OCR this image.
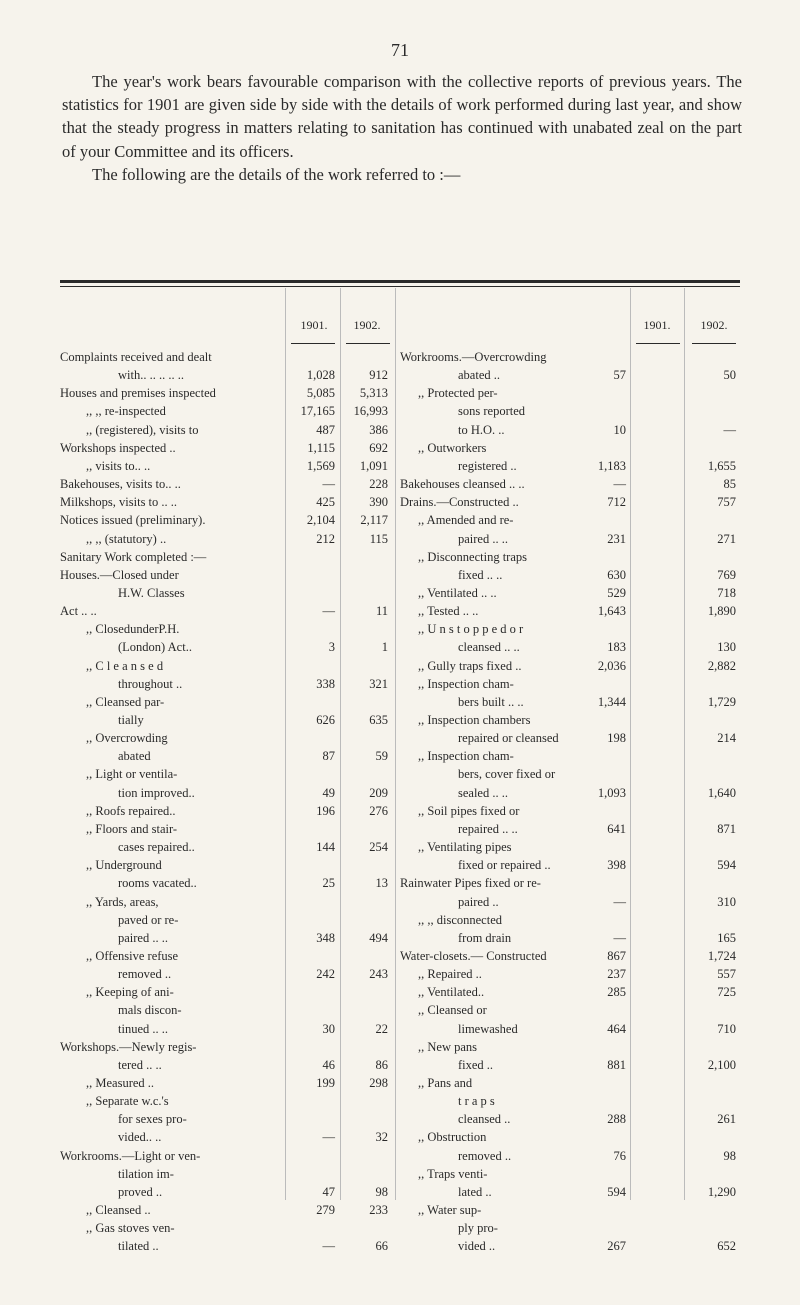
71

The year's work bears favourable comparison with the collective reports of previous years. The statistics for 1901 are given side by side with the details of work performed during last year, and show that the steady progress in matters relating to sanitation has continued with unabated zeal on the part of your Committee and its officers.

The following are the details of the work referred to :—

1901.	1902.	1901.	1902.
Complaints received and dealt
with.. .. .. .. ..	1,028	912
Houses and premises inspected	5,085	5,313
,, ,, re-inspected	17,165	16,993
,, (registered), visits to	487	386
Workshops inspected ..	1,115	692
,, visits to.. ..	1,569	1,091
Bakehouses, visits to.. ..	—	228
Milkshops, visits to .. ..	425	390
Notices issued (preliminary).	2,104	2,117
,, ,, (statutory) ..	212	115
Sanitary Work completed :—
Houses.—Closed under
H.W. Classes
Act .. ..	—	11
,, ClosedunderP.H.
(London) Act..	3	1
,, C l e a n s e d
throughout ..	338	321
,, Cleansed par-
tially	626	635
,, Overcrowding
abated	87	59
,, Light or ventila-
tion improved..	49	209
,, Roofs repaired..	196	276
,, Floors and stair-
cases repaired..	144	254
,, Underground
rooms vacated..	25	13
,, Yards, areas,
paved or re-
paired .. ..	348	494
,, Offensive refuse
removed ..	242	243
,, Keeping of ani-
mals discon-
tinued .. ..	30	22
Workshops.—Newly regis-
tered .. ..	46	86
,, Measured ..	199	298
,, Separate w.c.'s
for sexes pro-
vided.. ..	—	32
Workrooms.—Light or ven-
tilation im-
proved ..	47	98
,, Cleansed ..	279	233
,, Gas stoves ven-
tilated ..	—	66
Workrooms.—Overcrowding
abated ..	57	50
,, Protected per-
sons reported
to H.O. ..	10	—
,, Outworkers
registered ..	1,183	1,655
Bakehouses cleansed .. ..	—	85
Drains.—Constructed ..	712	757
,, Amended and re-
paired .. ..	231	271
,, Disconnecting traps
fixed .. ..	630	769
,, Ventilated .. ..	529	718
,, Tested .. ..	1,643	1,890
,, U n s t o p p e d o r
cleansed .. ..	183	130
,, Gully traps fixed ..	2,036	2,882
,, Inspection cham-
bers built .. ..	1,344	1,729
,, Inspection chambers
repaired or cleansed	198	214
,, Inspection cham-
bers, cover fixed or
sealed .. ..	1,093	1,640
,, Soil pipes fixed or
repaired .. ..	641	871
,, Ventilating pipes
fixed or repaired ..	398	594
Rainwater Pipes fixed or re-
paired ..	—	310
,, ,, disconnected
from drain	—	165
Water-closets.— Constructed	867	1,724
,, Repaired ..	237	557
,, Ventilated..	285	725
,, Cleansed or
limewashed	464	710
,, New pans
fixed ..	881	2,100
,, Pans and
t r a p s
cleansed ..	288	261
,, Obstruction
removed ..	76	98
,, Traps venti-
lated ..	594	1,290
,, Water sup-
ply pro-
vided ..	267	652
